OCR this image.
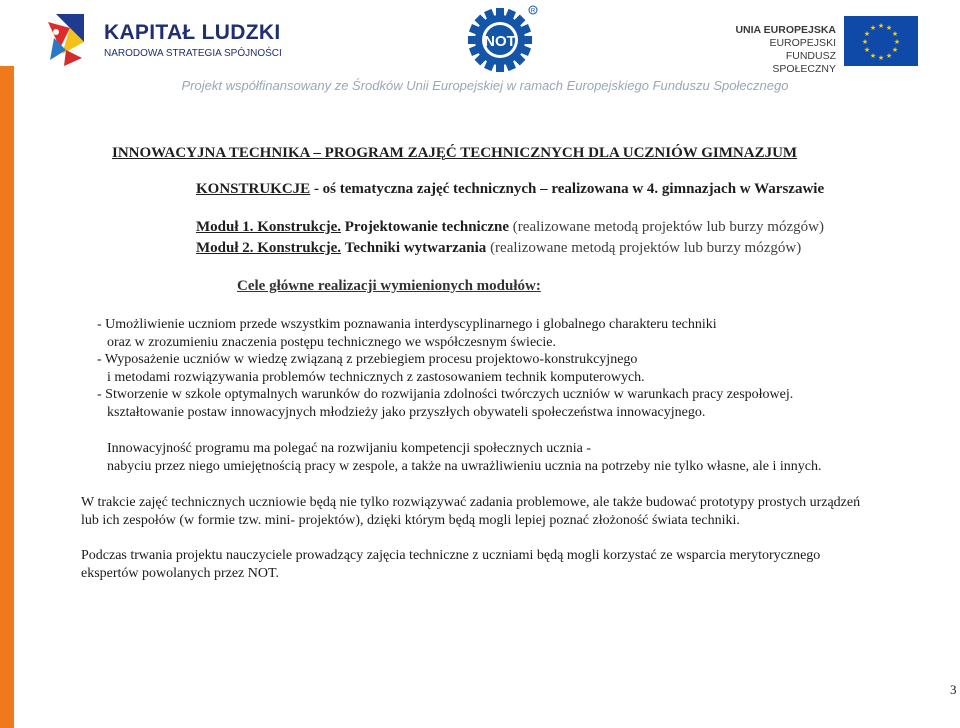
KAPITAŁ LUDZKI
NARODOWA STRATEGIA SPÓJNOŚCI
NOT
R
UNIA EUROPEJSKA
EUROPEJSKI
FUNDUSZ SPOŁECZNY
★ ★
★
★
★
★
★
★
★
★
★
★
Projekt współfinansowany ze Środków Unii Europejskiej w ramach Europejskiego Funduszu Społecznego
INNOWACYJNA TECHNIKA – PROGRAM ZAJĘĆ TECHNICZNYCH DLA UCZNIÓW GIMNAZJUM
KONSTRUKCJE - oś tematyczna zajęć technicznych – realizowana w 4. gimnazjach w Warszawie
Moduł 1. Konstrukcje. Projektowanie techniczne (realizowane metodą projektów lub burzy mózgów)
Moduł 2. Konstrukcje. Techniki wytwarzania (realizowane metodą projektów lub burzy mózgów)
Cele główne realizacji wymienionych modułów:
- Umożliwienie uczniom przede wszystkim poznawania interdyscyplinarnego i globalnego charakteru techniki
oraz w zrozumieniu znaczenia postępu technicznego we współczesnym świecie.
- Wyposażenie uczniów w wiedzę związaną z przebiegiem procesu projektowo-konstrukcyjnego
i metodami rozwiązywania problemów technicznych z zastosowaniem technik komputerowych.
- Stworzenie w szkole optymalnych warunków do rozwijania zdolności twórczych uczniów w warunkach pracy zespołowej.
kształtowanie postaw innowacyjnych młodzieży jako przyszłych obywateli społeczeństwa innowacyjnego.
Innowacyjność programu ma polegać na rozwijaniu kompetencji społecznych ucznia -
nabyciu przez niego umiejętnością pracy w zespole, a także na uwrażliwieniu ucznia na potrzeby nie tylko własne, ale i innych.
W trakcie zajęć technicznych uczniowie będą nie tylko rozwiązywać zadania problemowe, ale także budować prototypy prostych urządzeń
lub ich zespołów (w formie tzw. mini- projektów), dzięki którym będą mogli lepiej poznać złożoność świata techniki.
Podczas trwania projektu nauczyciele prowadzący zajęcia techniczne z uczniami będą mogli korzystać ze wsparcia merytorycznego
ekspertów powolanych przez NOT.
3
